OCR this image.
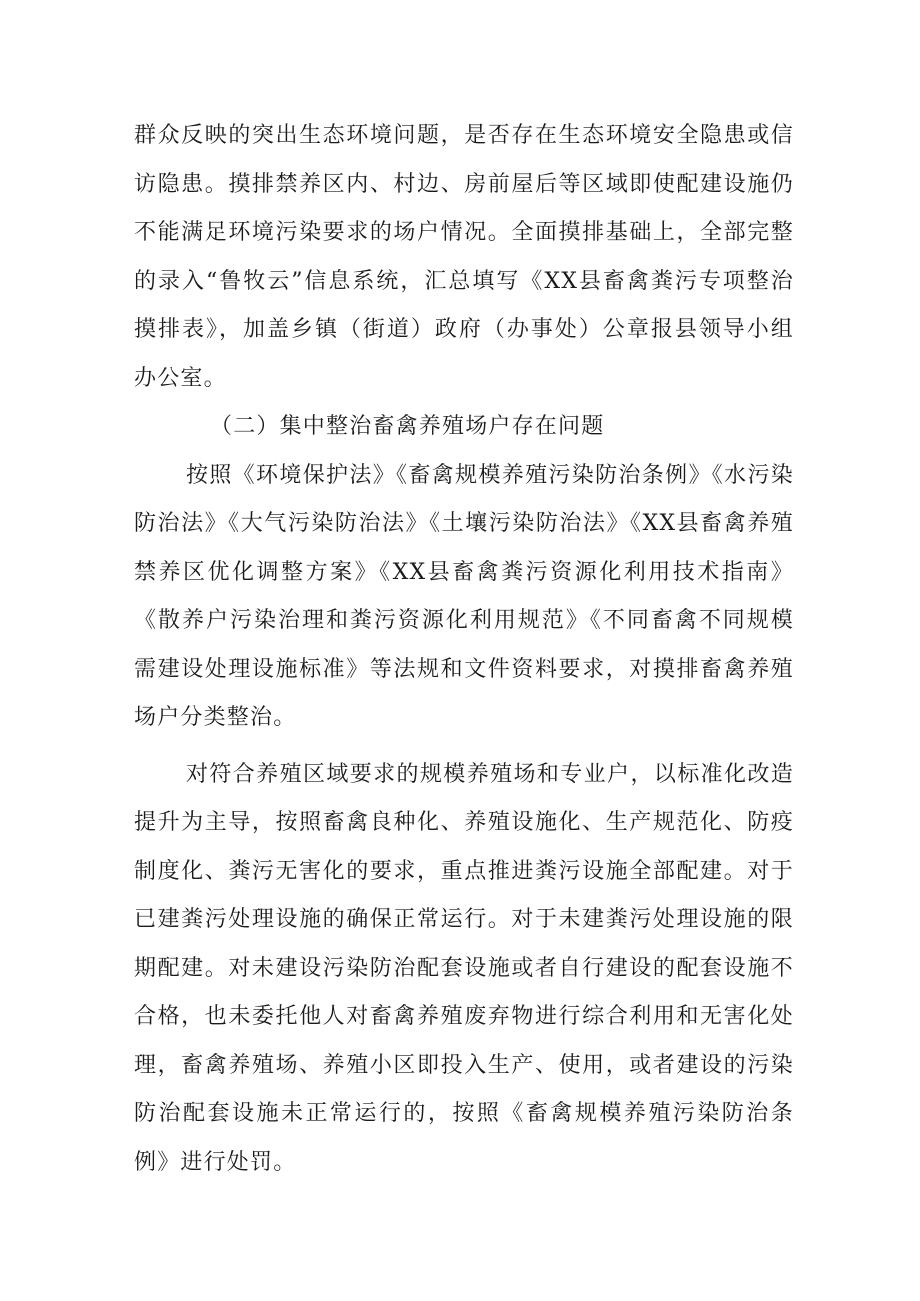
群众反映的突出生态环境问题，是否存在生态环境安全隐患或信访隐患。摸排禁养区内、村边、房前屋后等区域即使配建设施仍不能满足环境污染要求的场户情况。全面摸排基础上，全部完整的录入“鲁牧云”信息系统，汇总填写《XX县畜禽粪污专项整治摸排表》，加盖乡镇（街道）政府（办事处）公章报县领导小组办公室。

（二）集中整治畜禽养殖场户存在问题

按照《环境保护法》《畜禽规模养殖污染防治条例》《水污染防治法》《大气污染防治法》《土壤污染防治法》《XX县畜禽养殖禁养区优化调整方案》《XX县畜禽粪污资源化利用技术指南》《散养户污染治理和粪污资源化利用规范》《不同畜禽不同规模需建设处理设施标准》等法规和文件资料要求，对摸排畜禽养殖场户分类整治。

对符合养殖区域要求的规模养殖场和专业户，以标准化改造提升为主导，按照畜禽良种化、养殖设施化、生产规范化、防疫制度化、粪污无害化的要求，重点推进粪污设施全部配建。对于已建粪污处理设施的确保正常运行。对于未建粪污处理设施的限期配建。对未建设污染防治配套设施或者自行建设的配套设施不合格，也未委托他人对畜禽养殖废弃物进行综合利用和无害化处理，畜禽养殖场、养殖小区即投入生产、使用，或者建设的污染防治配套设施未正常运行的，按照《畜禽规模养殖污染防治条例》进行处罚。
